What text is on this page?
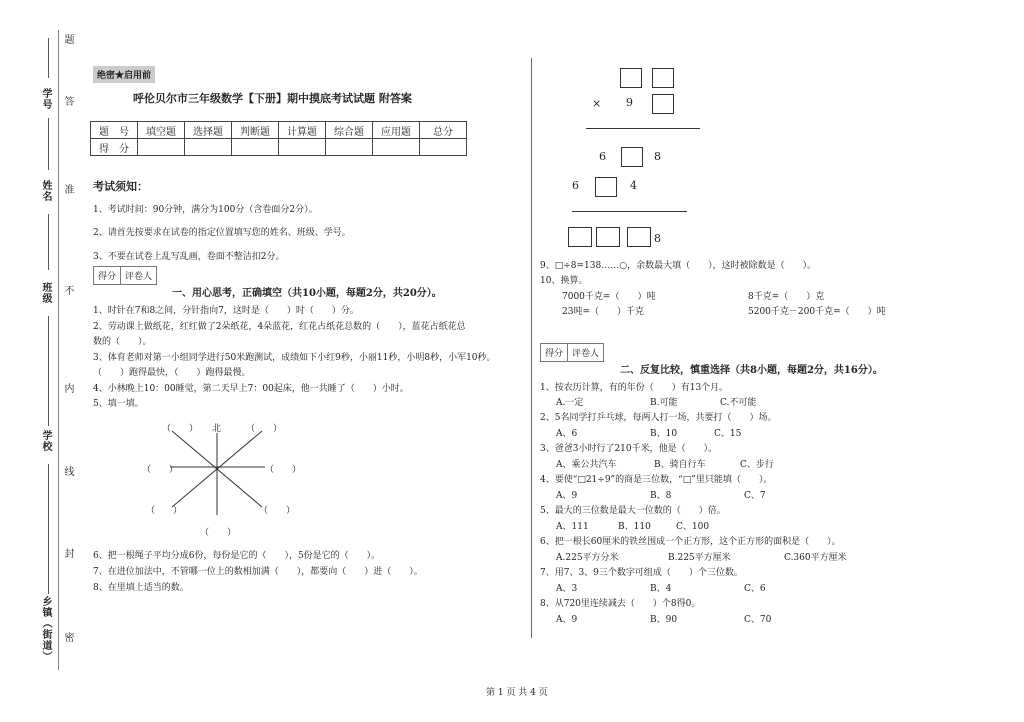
学号
姓名
班级
学校
乡镇（街道）
题
答
准
不
内
线
封
密
绝密★启用前
呼伦贝尔市三年级数学【下册】期中摸底考试试题 附答案
题　号	填空题	选择题	判断题	计算题	综合题	应用题	总分
得　分							
考试须知：
1、考试时间：90分钟，满分为100分（含卷面分2分）。
2、请首先按要求在试卷的指定位置填写您的姓名、班级、学号。
3、不要在试卷上乱写乱画，卷面不整洁扣2分。
得分 评卷人
一、用心思考，正确填空（共10小题，每题2分，共20分）。
1、时针在7和8之间，分针指向7，这时是（　　）时（　　）分。
2、劳动课上做纸花，红红做了2朵纸花，4朵蓝花，红花占纸花总数的（　　），蓝花占纸花总
数的（　　）。
3、体育老师对第一小组同学进行50米跑测试，成绩如下小红9秒，小丽11秒，小明8秒，小军10秒。
（　　）跑得最快，（　　）跑得最慢。
4、小林晚上10：00睡觉，第二天早上7：00起床，他一共睡了（　　）小时。
5、填一填。
（　　） 北	（　　）
（　　）	（　　）
（　　）	（　　）
（　　）
6、把一根绳子平均分成6份，每份是它的（　　），5份是它的（　　）。
7、在进位加法中，不管哪一位上的数相加满（　　），都要向（　　）进（　　）。
8、在里填上适当的数。
× 9
6	8
6	4
8
9、□÷8=138……○，余数最大填（　　），这时被除数是（　　）。
10、换算。
7000千克=（　　）吨	8千克=（　　）克
23吨=（　　）千克	5200千克－200千克=（　　）吨
得分 评卷人
二、反复比较，慎重选择（共8小题，每题2分，共16分）。
1、按农历计算，有的年份（　　）有13个月。
A.一定	B.可能	C.不可能
2、5名同学打乒乓球，每两人打一场，共要打（　　）场。
A、6	B、10	C、15
3、爸爸3小时行了210千米，他是（　　）。
A、乘公共汽车	B、骑自行车	C、步行
4、要使“□21÷9”的商是三位数，“□”里只能填（　　）。
A、9	B、8	C、7
5、最大的三位数是最大一位数的（　　）倍。
A、111	B、110	C、100
6、把一根长60厘米的铁丝围成一个正方形，这个正方形的面积是（　　）。
A.225平方分米	B.225平方厘米	C.360平方厘米
7、用7、3、9三个数字可组成（　　）个三位数。
A、3	B、4	C、6
8、从720里连续减去（　　）个8得0。
A、9	B、90	C、70
第 1 页 共 4 页
